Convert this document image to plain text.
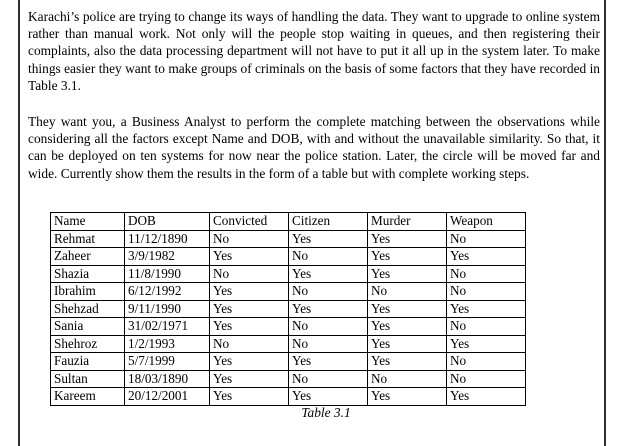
Karachi’s police are trying to change its ways of handling the data. They want to upgrade to online system rather than manual work. Not only will the people stop waiting in queues, and then registering their complaints, also the data processing department will not have to put it all up in the system later. To make things easier they want to make groups of criminals on the basis of some factors that they have recorded in Table 3.1.

They want you, a Business Analyst to perform the complete matching between the observations while considering all the factors except Name and DOB, with and without the unavailable similarity. So that, it can be deployed on ten systems for now near the police station. Later, the circle will be moved far and wide. Currently show them the results in the form of a table but with complete working steps.

Name	DOB	Convicted	Citizen	Murder	Weapon
Rehmat	11/12/1890	No	Yes	Yes	No
Zaheer	3/9/1982	Yes	No	Yes	Yes
Shazia	11/8/1990	No	Yes	Yes	No
Ibrahim	6/12/1992	Yes	No	No	No
Shehzad	9/11/1990	Yes	Yes	Yes	Yes
Sania	31/02/1971	Yes	No	Yes	No
Shehroz	1/2/1993	No	No	Yes	Yes
Fauzia	5/7/1999	Yes	Yes	Yes	No
Sultan	18/03/1890	Yes	No	No	No
Kareem	20/12/2001	Yes	Yes	Yes	Yes
Table 3.1
